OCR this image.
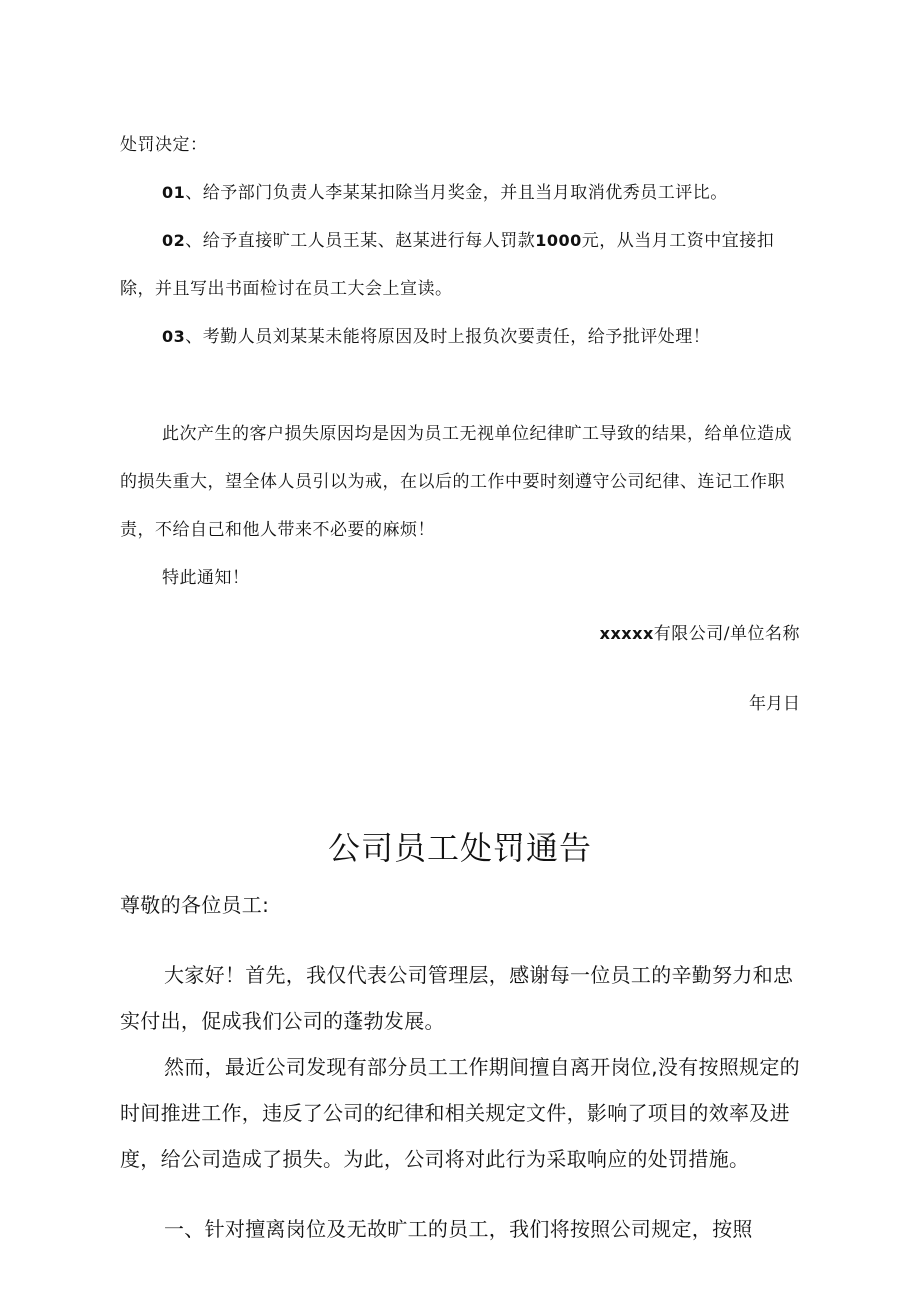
处罚决定：

01、给予部门负责人李某某扣除当月奖金，并且当月取消优秀员工评比。

02、给予直接旷工人员王某、赵某进行每人罚款1000元，从当月工资中宜接扣除，并且写出书面检讨在员工大会上宣读。

03、考勤人员刘某某未能将原因及时上报负次要责任，给予批评处理！

此次产生的客户损失原因均是因为员工无视单位纪律旷工导致的结果，给单位造成的损失重大，望全体人员引以为戒，在以后的工作中要时刻遵守公司纪律、连记工作职责，不给自己和他人带来不必要的麻烦！

特此通知！

xxxxx有限公司/单位名称
年月日
公司员工处罚通告

尊敬的各位员工:

大家好！首先，我仅代表公司管理层，感谢每一位员工的辛勤努力和忠实付出，促成我们公司的蓬勃发展。

然而，最近公司发现有部分员工工作期间擅自离开岗位,没有按照规定的时间推进工作，违反了公司的纪律和相关规定文件，影响了项目的效率及进度，给公司造成了损失。为此，公司将对此行为采取响应的处罚措施。

一、针对擅离岗位及无故旷工的员工，我们将按照公司规定，按照
